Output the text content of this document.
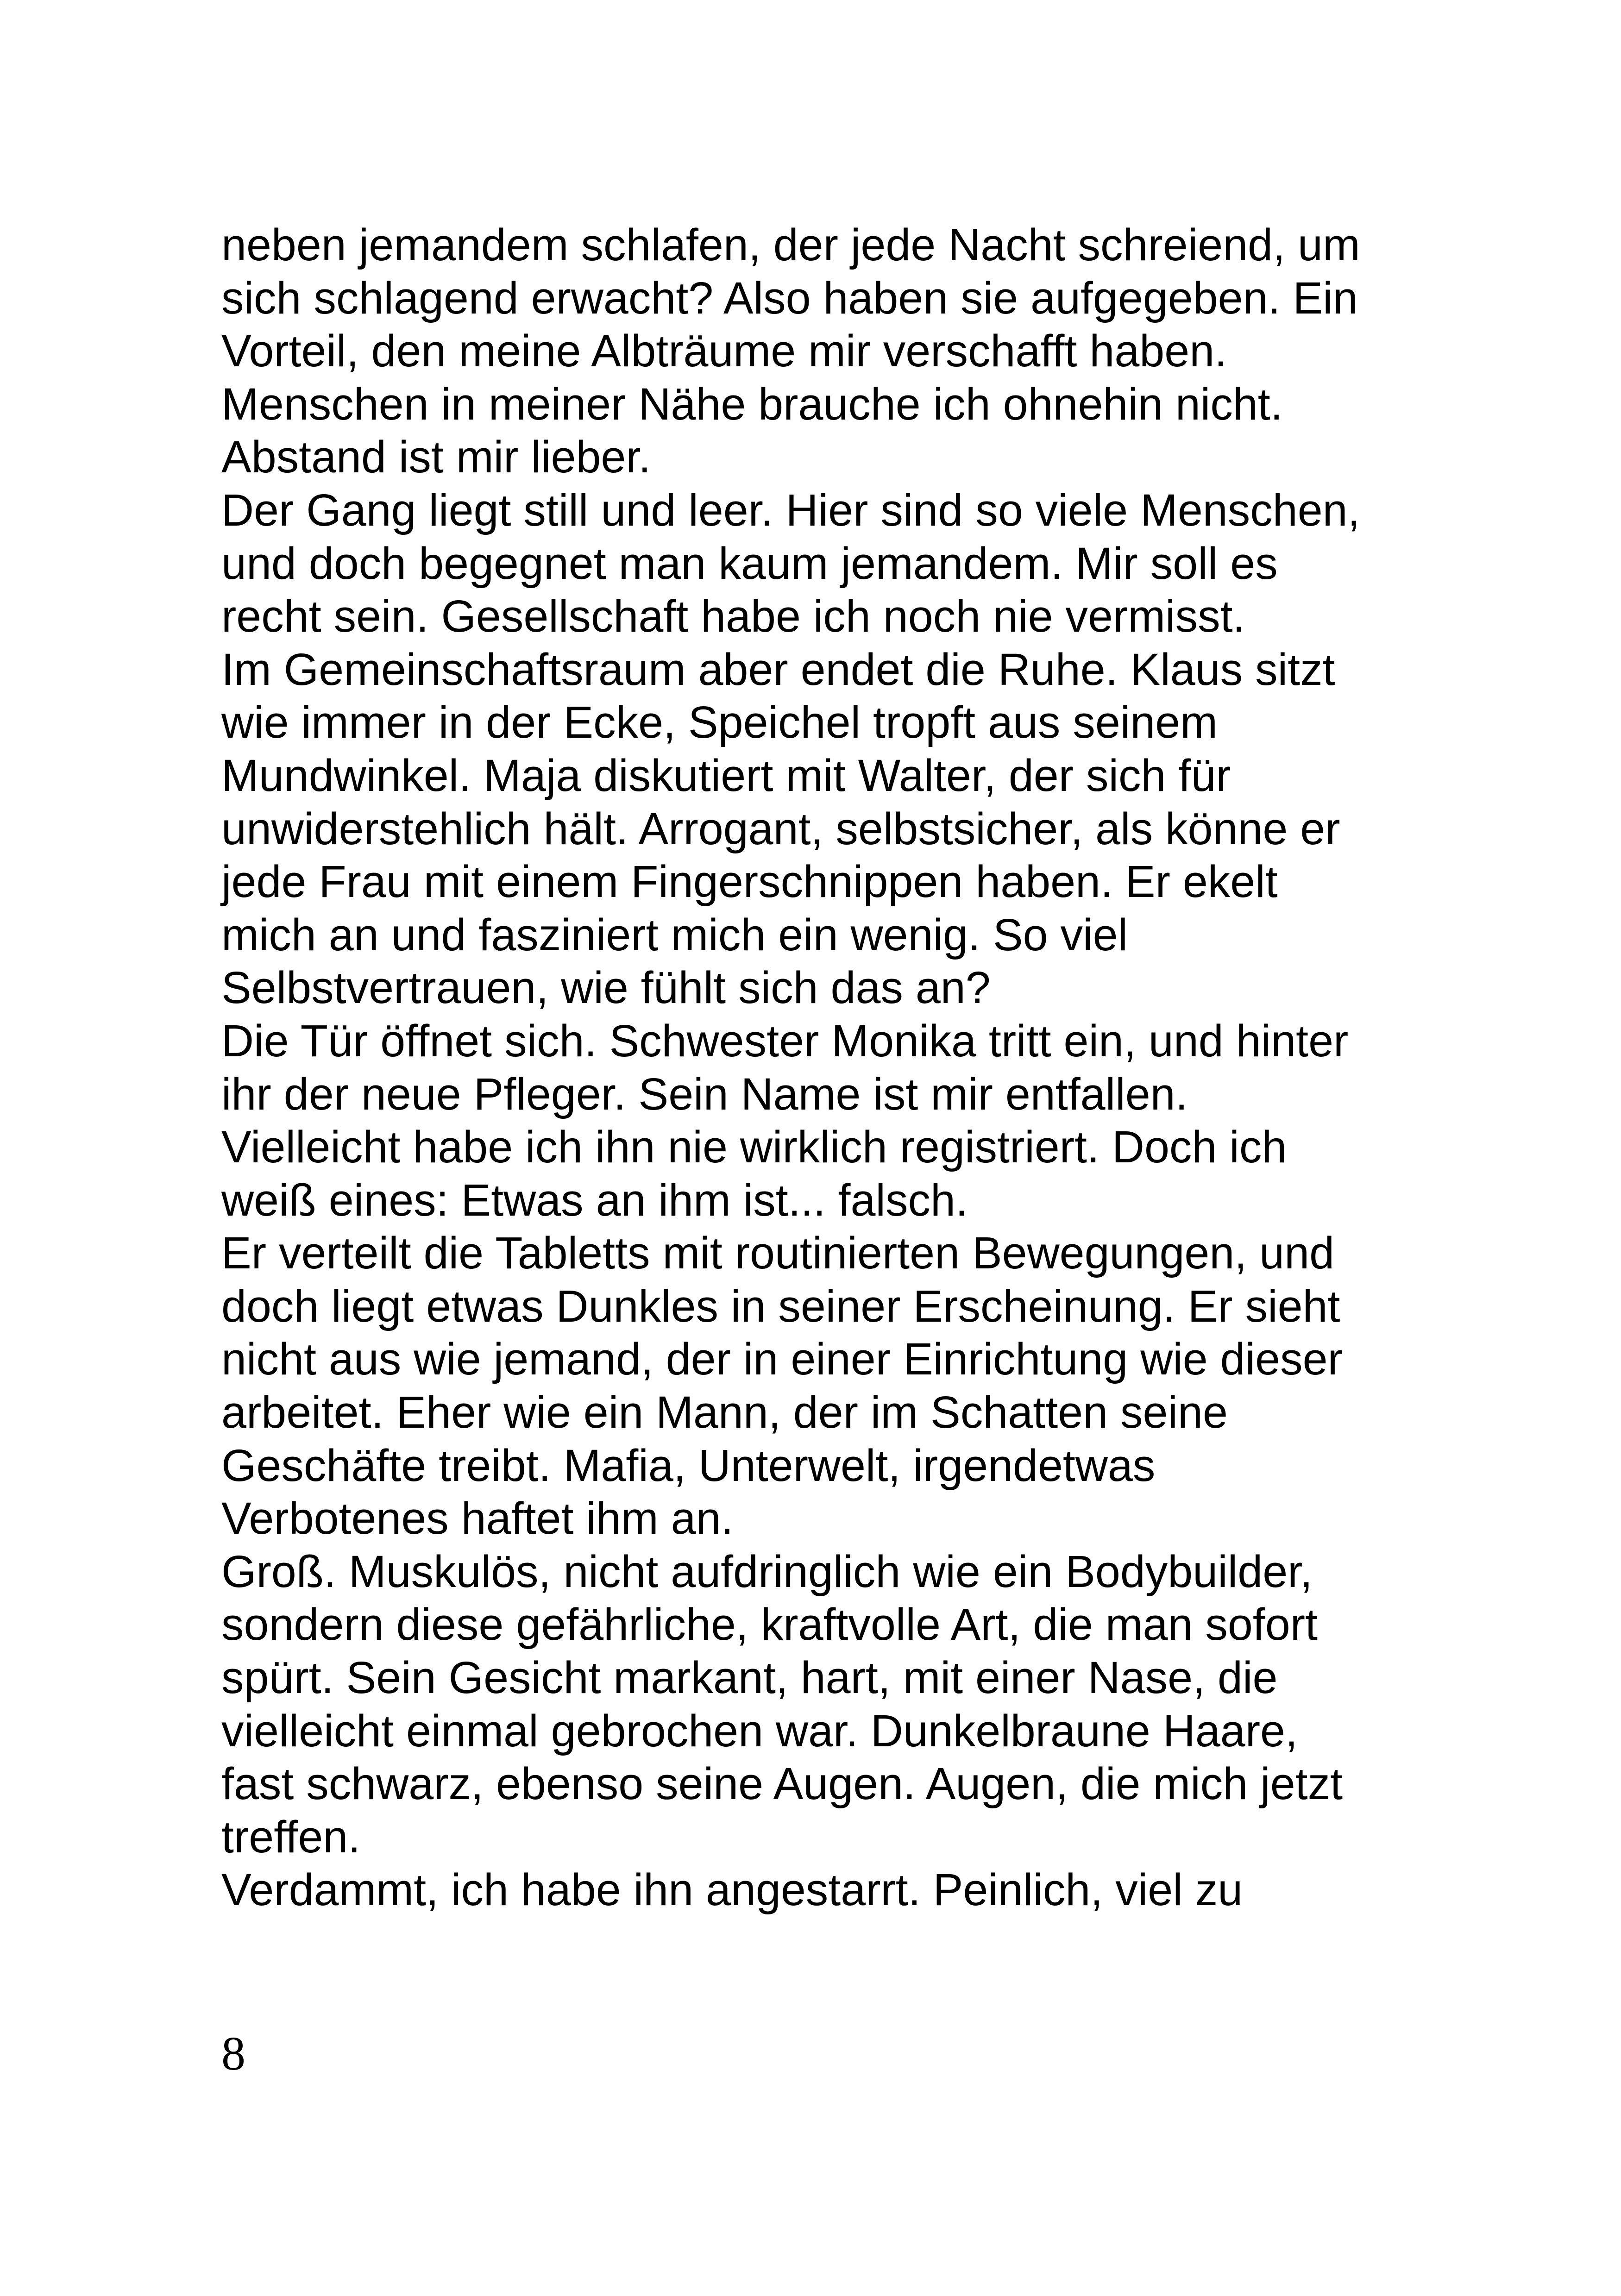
neben jemandem schlafen, der jede Nacht schreiend, um
sich schlagend erwacht? Also haben sie aufgegeben. Ein
Vorteil, den meine Albträume mir verschafft haben.
Menschen in meiner Nähe brauche ich ohnehin nicht.
Abstand ist mir lieber.
Der Gang liegt still und leer. Hier sind so viele Menschen,
und doch begegnet man kaum jemandem. Mir soll es
recht sein. Gesellschaft habe ich noch nie vermisst.
Im Gemeinschaftsraum aber endet die Ruhe. Klaus sitzt
wie immer in der Ecke, Speichel tropft aus seinem
Mundwinkel. Maja diskutiert mit Walter, der sich für
unwiderstehlich hält. Arrogant, selbstsicher, als könne er
jede Frau mit einem Fingerschnippen haben. Er ekelt
mich an und fasziniert mich ein wenig. So viel
Selbstvertrauen, wie fühlt sich das an?
Die Tür öffnet sich. Schwester Monika tritt ein, und hinter
ihr der neue Pfleger. Sein Name ist mir entfallen.
Vielleicht habe ich ihn nie wirklich registriert. Doch ich
weiß eines: Etwas an ihm ist... falsch.
Er verteilt die Tabletts mit routinierten Bewegungen, und
doch liegt etwas Dunkles in seiner Erscheinung. Er sieht
nicht aus wie jemand, der in einer Einrichtung wie dieser
arbeitet. Eher wie ein Mann, der im Schatten seine
Geschäfte treibt. Mafia, Unterwelt, irgendetwas
Verbotenes haftet ihm an.
Groß. Muskulös, nicht aufdringlich wie ein Bodybuilder,
sondern diese gefährliche, kraftvolle Art, die man sofort
spürt. Sein Gesicht markant, hart, mit einer Nase, die
vielleicht einmal gebrochen war. Dunkelbraune Haare,
fast schwarz, ebenso seine Augen. Augen, die mich jetzt
treffen.
Verdammt, ich habe ihn angestarrt. Peinlich, viel zu
8
